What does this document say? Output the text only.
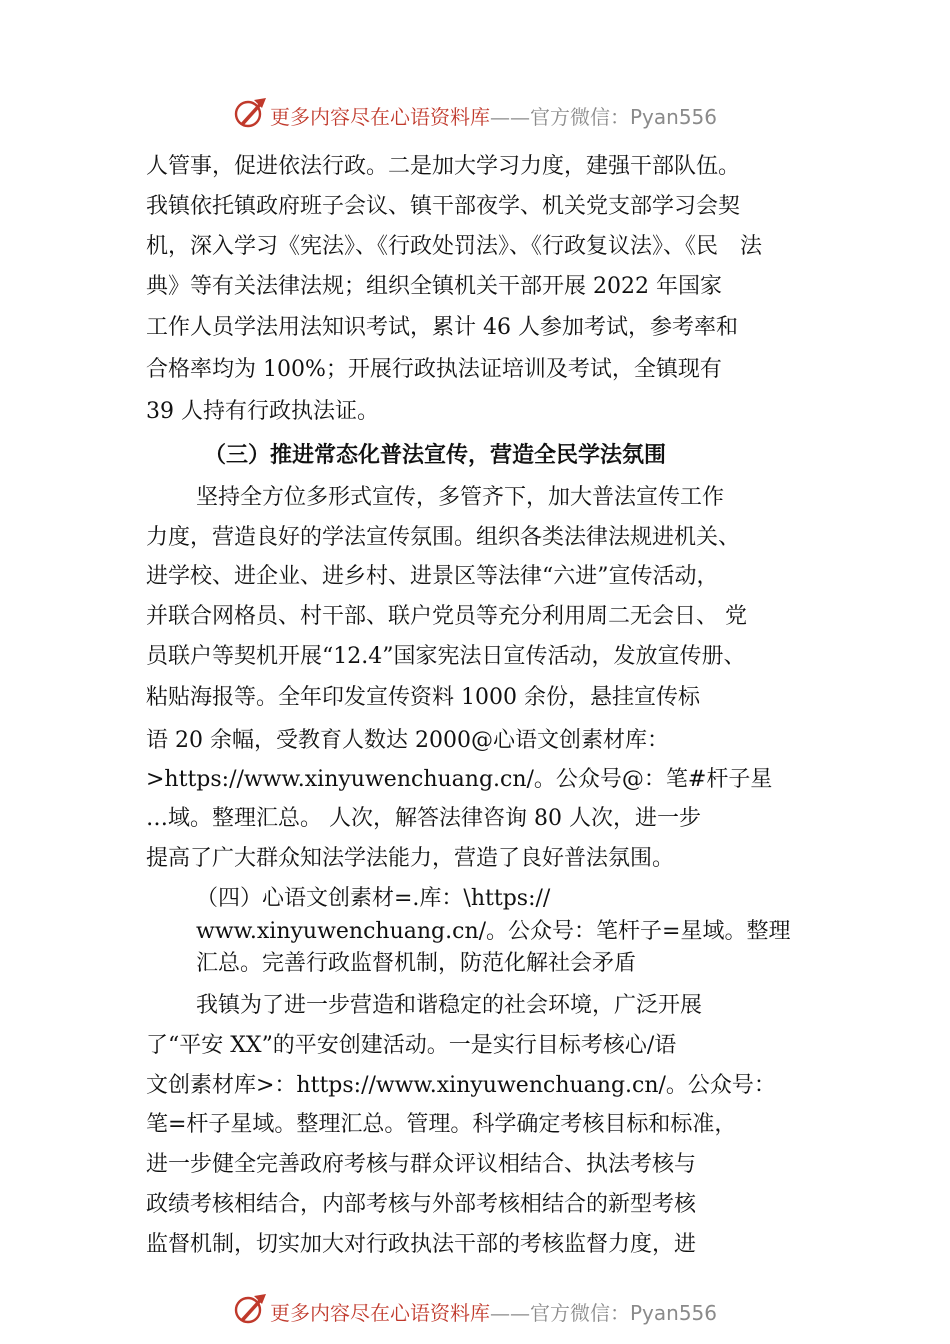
更多内容尽在心语资料库——官方微信：Pyan556
人管事，促进依法行政。二是加大学习力度，建强干部队伍。
我镇依托镇政府班子会议、镇干部夜学、机关党支部学习会契
机，深入学习《宪法》、《行政处罚法》、《行政复议法》、《民　法
典》等有关法律法规；组织全镇机关干部开展 2022 年国家
工作人员学法用法知识考试，累计 46 人参加考试，参考率和
合格率均为 100%；开展行政执法证培训及考试，全镇现有
39 人持有行政执法证。
（三）推进常态化普法宣传，营造全民学法氛围
坚持全方位多形式宣传，多管齐下，加大普法宣传工作
力度，营造良好的学法宣传氛围。组织各类法律法规进机关、
进学校、进企业、进乡村、进景区等法律“六进”宣传活动，
并联合网格员、村干部、联户党员等充分利用周二无会日、 党
员联户等契机开展“12.4”国家宪法日宣传活动，发放宣传册、
粘贴海报等。全年印发宣传资料 1000 余份，悬挂宣传标
语 20 余幅，受教育人数达 2000@心语文创素材库：
>https://www.xinyuwenchuang.cn/。公众号@：笔#杆子星
…域。整理汇总。 人次，解答法律咨询 80 人次，进一步
提高了广大群众知法学法能力，营造了良好普法氛围。
（四）心语文创素材=.库：\https://
www.xinyuwenchuang.cn/。公众号：笔杆子=星域。整理
汇总。完善行政监督机制，防范化解社会矛盾
我镇为了进一步营造和谐稳定的社会环境，广泛开展
了“平安 XX”的平安创建活动。一是实行目标考核心/语
文创素材库>：https://www.xinyuwenchuang.cn/。公众号：
笔=杆子星域。整理汇总。管理。科学确定考核目标和标准，
进一步健全完善政府考核与群众评议相结合、执法考核与
政绩考核相结合，内部考核与外部考核相结合的新型考核
监督机制，切实加大对行政执法干部的考核监督力度，进
更多内容尽在心语资料库——官方微信：Pyan556
